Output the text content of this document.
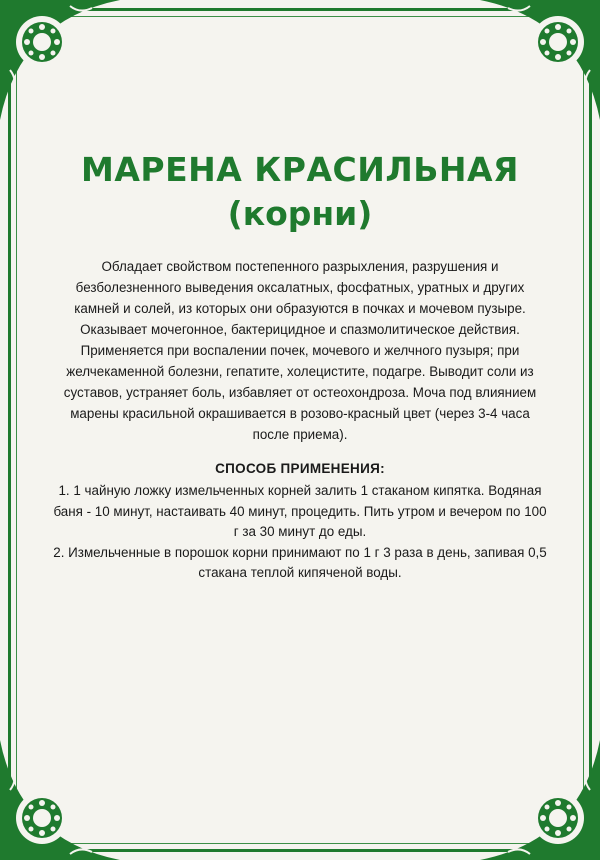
МАРЕНА КРАСИЛЬНАЯ
(корни)

Обладает свойством постепенного разрыхления, разрушения и безболезненного выведения оксалатных, фосфатных, уратных и других камней и солей, из которых они образуются в почках и мочевом пузыре. Оказывает мочегонное, бактерицидное и спазмолитическое действия. Применяется при воспалении почек, мочевого и желчного пузыря; при желчекаменной болезни, гепатите, холецистите, подагре. Выводит соли из суставов, устраняет боль, избавляет от остеохондроза. Моча под влиянием марены красильной окрашивается в розово-красный цвет (через 3-4 часа после приема).

СПОСОБ ПРИМЕНЕНИЯ:
1. 1 чайную ложку измельченных корней залить 1 стаканом кипятка. Водяная баня - 10 минут, настаивать 40 минут, процедить. Пить утром и вечером по 100 г за 30 минут до еды.
2. Измельченные в порошок корни принимают по 1 г 3 раза в день, запивая 0,5 стакана теплой кипяченой воды.
